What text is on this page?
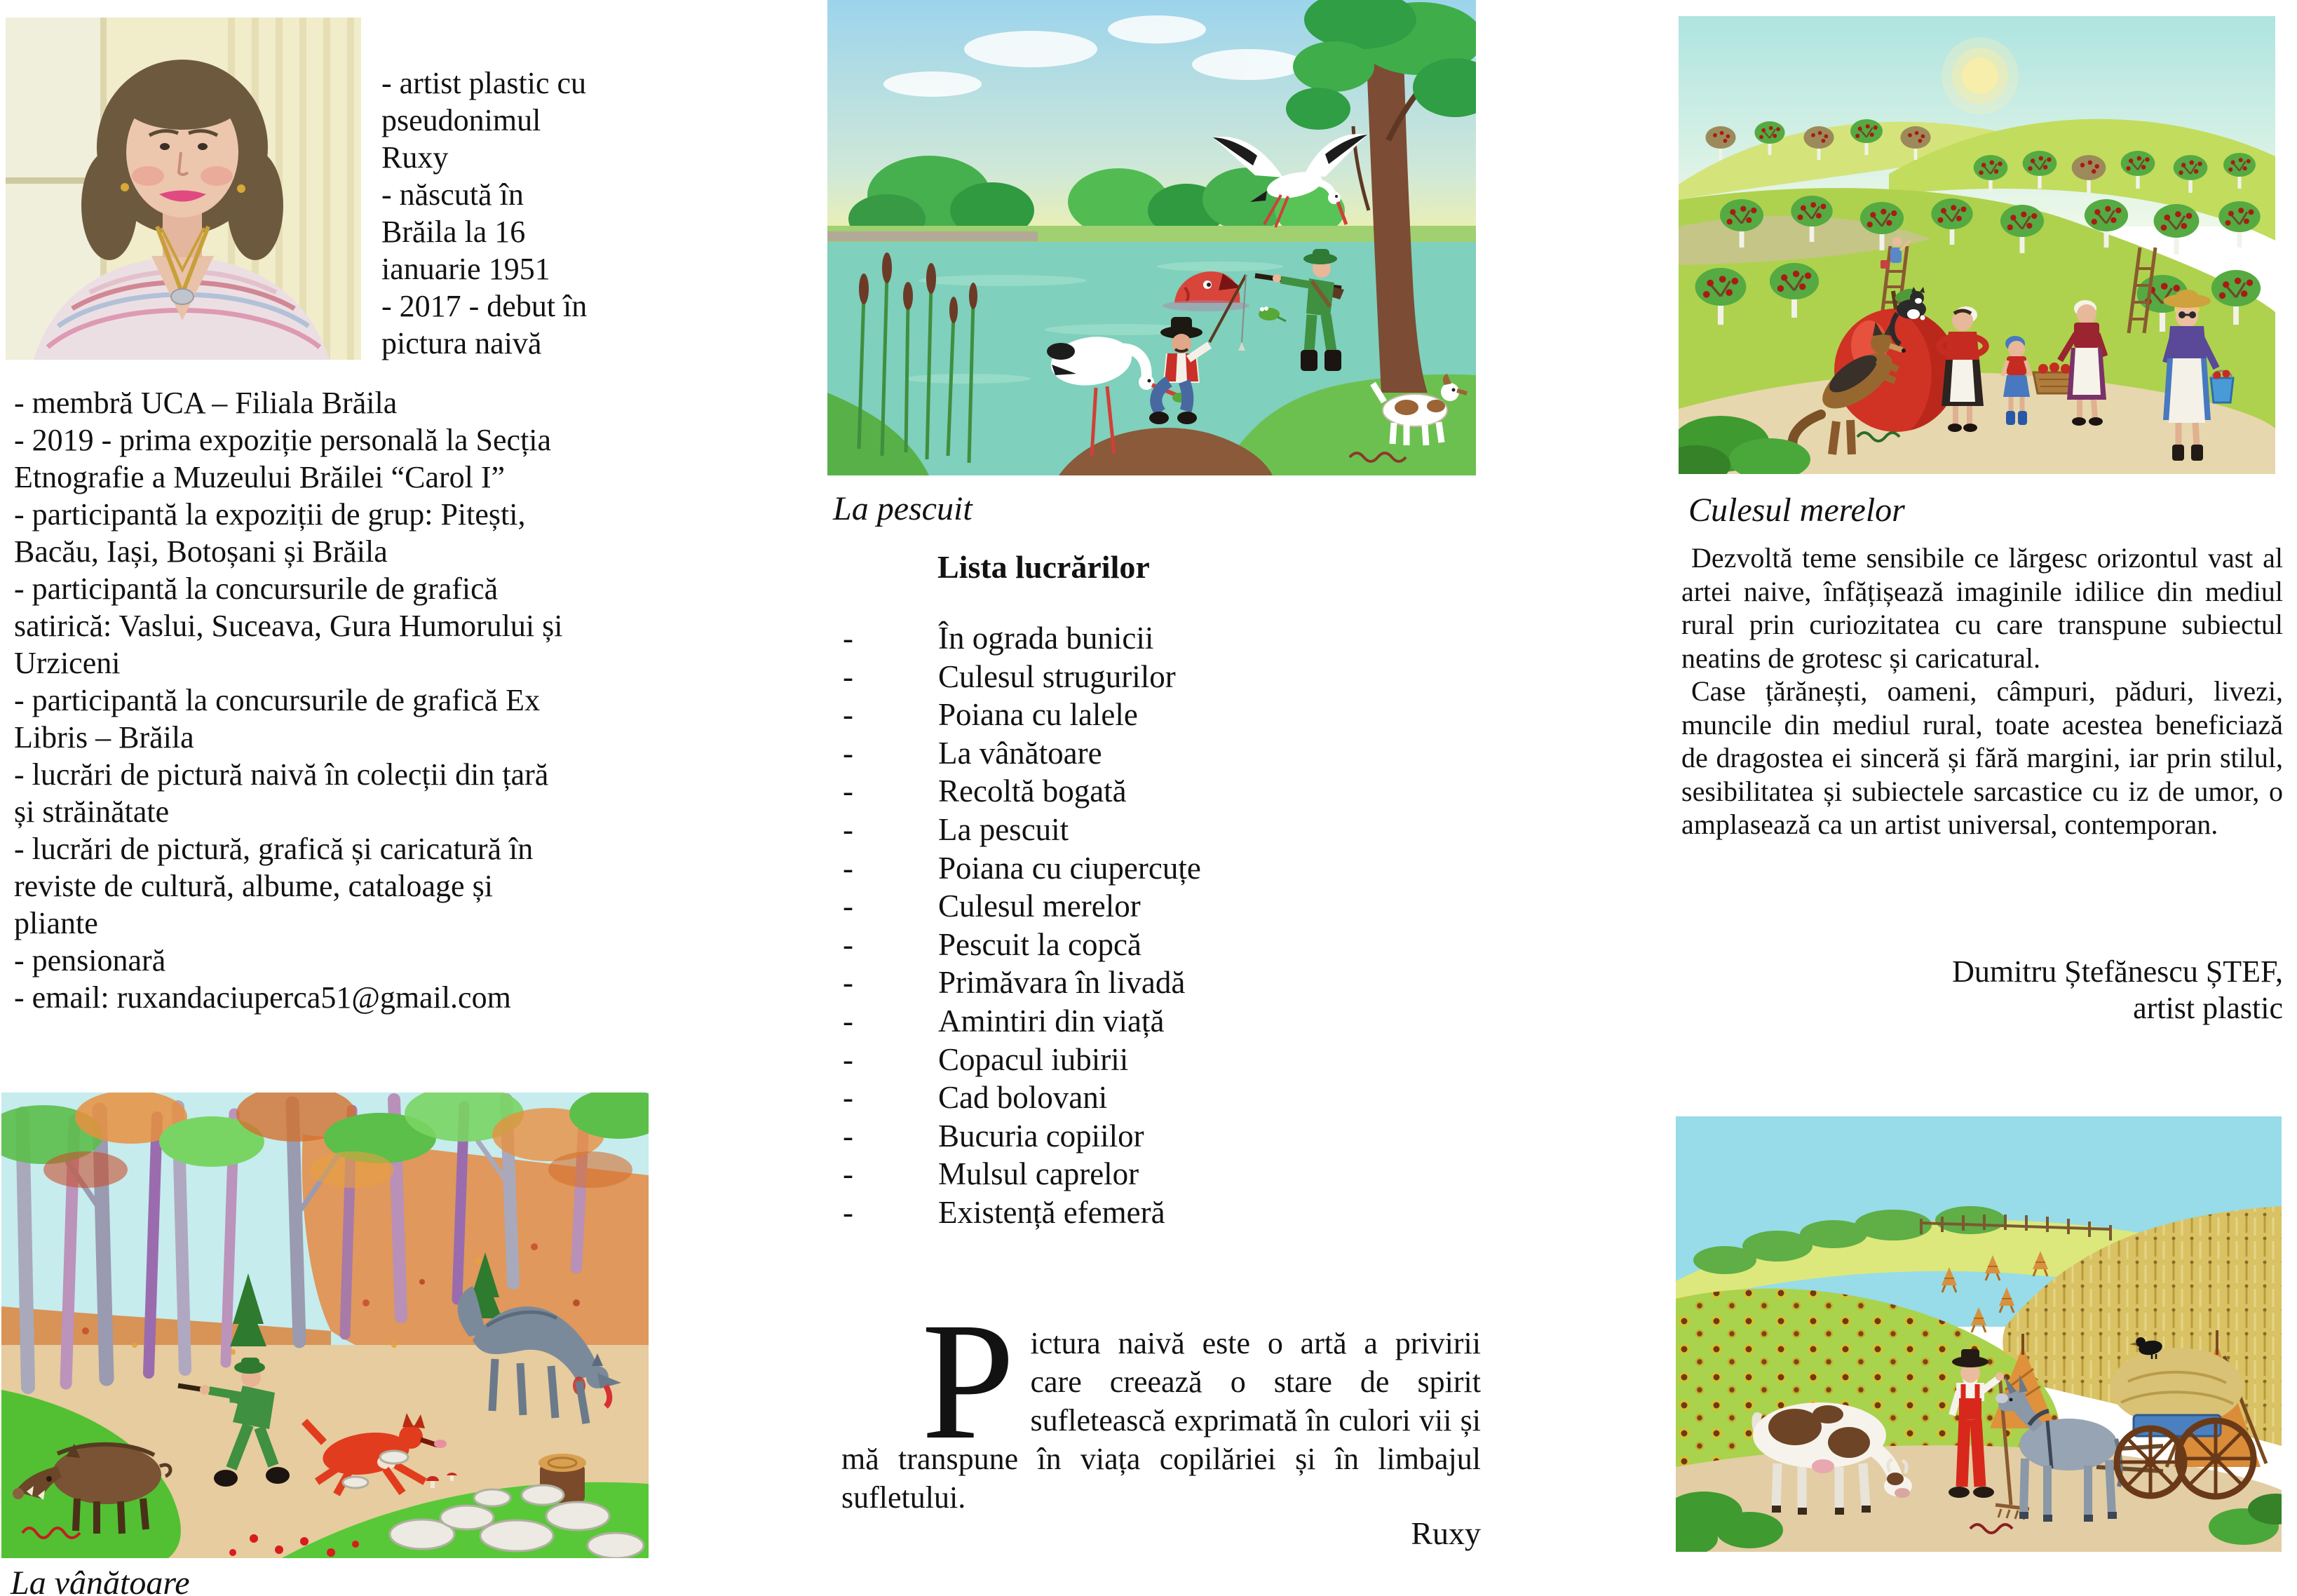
- artist plastic cu
pseudonimul
Ruxy
- născută în
Brăila la 16
ianuarie 1951
- 2017 - debut în
pictura naivă
- membră UCA – Filiala Brăila
- 2019 - prima expoziție personală la Secția
Etnografie a Muzeului Brăilei “Carol I”
- participantă la expoziții de grup: Pitești,
Bacău, Iași, Botoșani și Brăila
- participantă la concursurile de grafică
satirică: Vaslui, Suceava, Gura Humorului și
Urziceni
- participantă la concursurile de grafică Ex
Libris – Brăila
- lucrări de pictură naivă în colecții din țară
și străinătate
- lucrări de pictură, grafică și caricatură în
reviste de cultură, albume, cataloage și
pliante
- pensionară
- email: ruxandaciuperca51@gmail.com
La vânătoare
La pescuit
Lista lucrărilor
-	În ograda bunicii
-	Culesul strugurilor
-	Poiana cu lalele
-	La vânătoare
-	Recoltă bogată
-	La pescuit
-	Poiana cu ciupercuțe
-	Culesul merelor
-	Pescuit la copcă
-	Primăvara în livadă
-	Amintiri din viață
-	Copacul iubirii
-	Cad bolovani
-	Bucuria copiilor
-	Mulsul caprelor
-	Existență efemeră

Pictura naivă este o artă a privirii care creează o stare de spirit sufletească exprimată în culori vii și mă transpune în viața copilăriei și în limbajul sufletului.

Ruxy
Culesul merelor

Dezvoltă teme sensibile ce lărgesc orizontul vast al artei naive, înfățișează imaginile idilice din mediul rural prin curiozitatea cu care transpune subiectul neatins de grotesc și caricatural.

Case țărănești, oameni, câmpuri, păduri, livezi, muncile din mediul rural, toate acestea beneficiază de dragostea ei sinceră și fără margini, iar prin stilul, sesibilitatea și subiectele sarcastice cu iz de umor, o amplasează ca un artist universal, contemporan.

Dumitru Ștefănescu ȘTEF,
artist plastic
